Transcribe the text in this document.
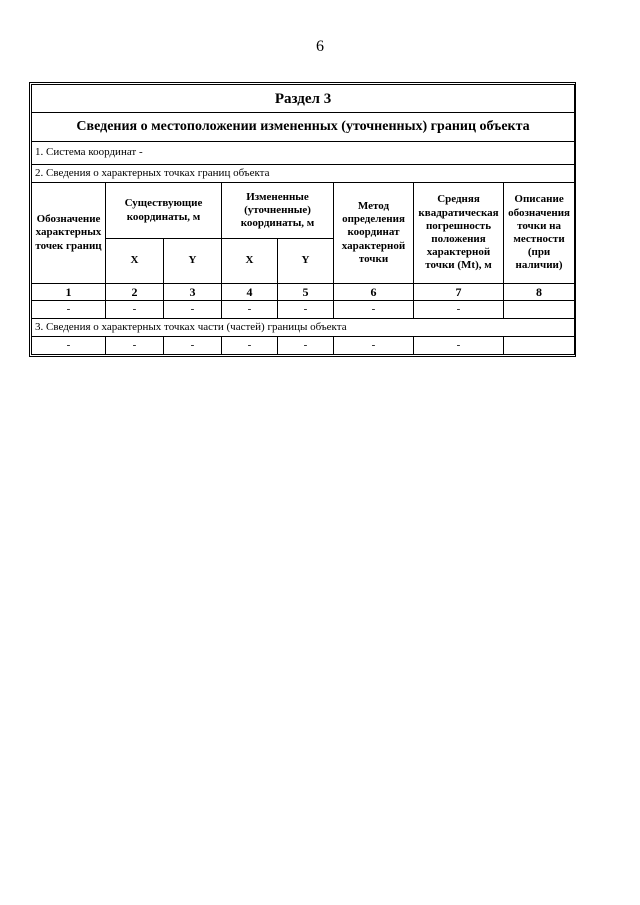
6
Раздел 3							
Сведения о местоположении измененных (уточненных) границ объекта							
1. Система координат -							
2. Сведения о характерных точках границ объекта							
Обозначение характерных точек границ	Существующие координаты, м		Измененные (уточненные) координаты, м		Метод определения координат характерной точки	Средняя квадратическая погрешность положения характерной точки (Mt), м	Описание обозначения точки на местности (при наличии)
	X	Y	X	Y			
1	2	3	4	5	6	7	8
-	-	-	-	-	-	-	
3. Сведения о характерных точках части (частей) границы объекта							
-	-	-	-	-	-	-	
